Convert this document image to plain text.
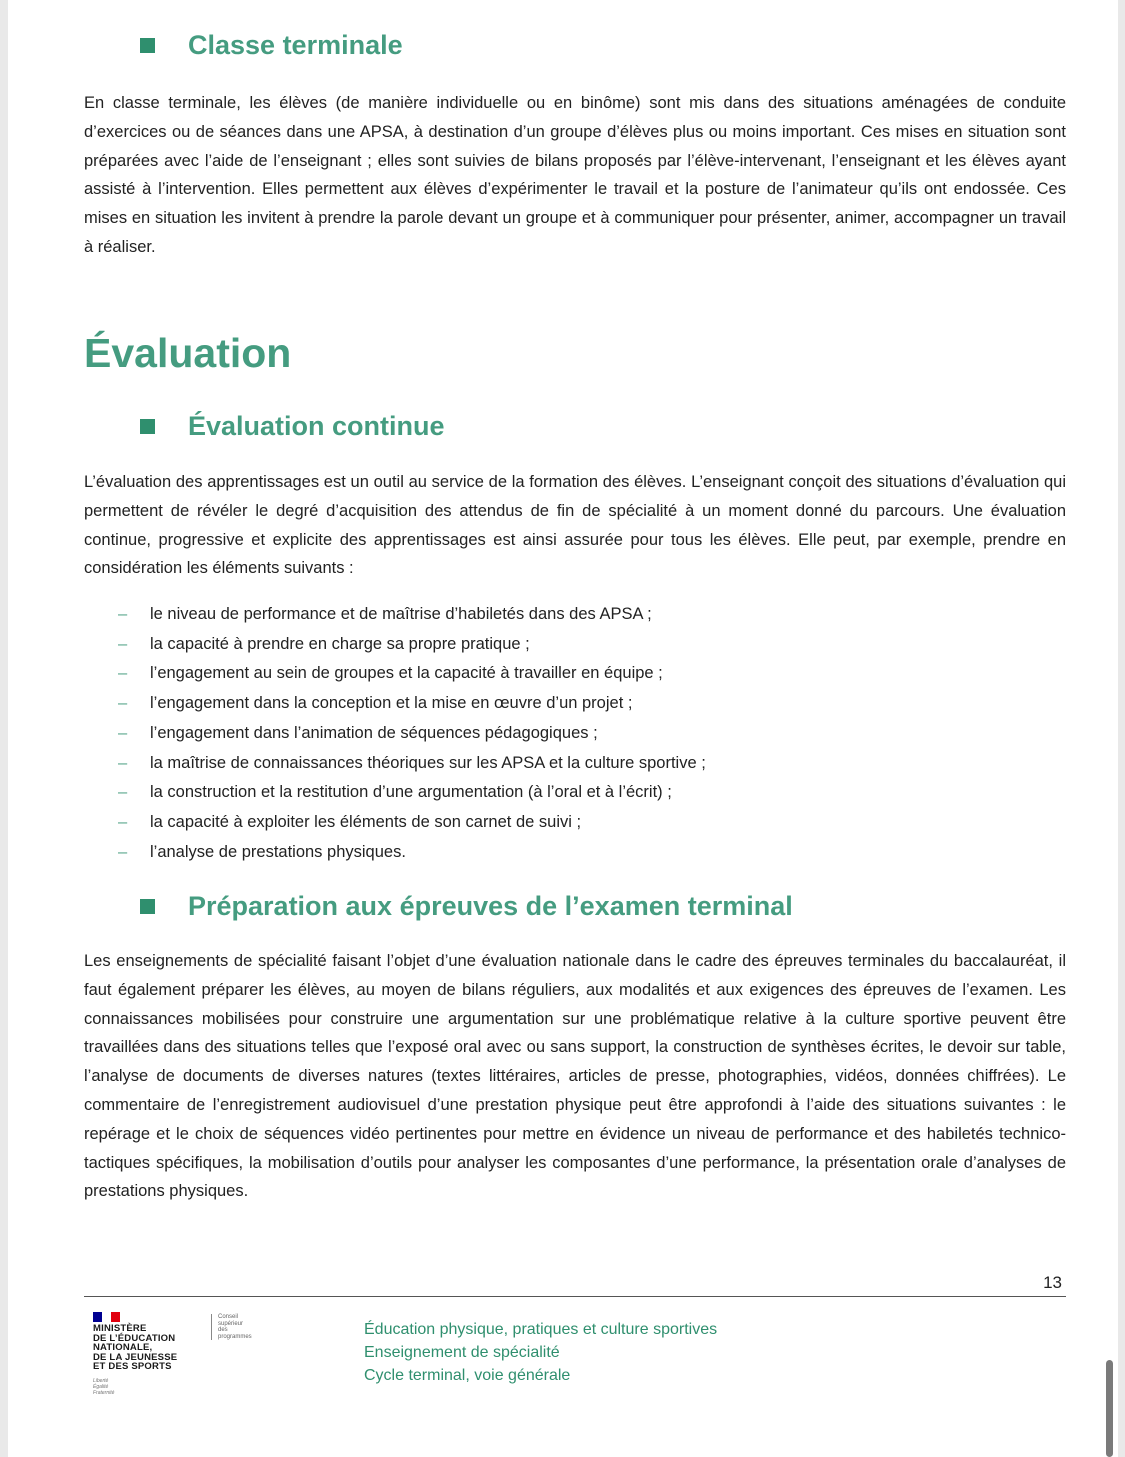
Classe terminale

En classe terminale, les élèves (de manière individuelle ou en binôme) sont mis dans des situations aménagées de conduite d’exercices ou de séances dans une APSA, à destination d’un groupe d’élèves plus ou moins important. Ces mises en situation sont préparées avec l’aide de l’enseignant ; elles sont suivies de bilans proposés par l’élève-intervenant, l’enseignant et les élèves ayant assisté à l’intervention. Elles permettent aux élèves d’expérimenter le travail et la posture de l’animateur qu’ils ont endossée. Ces mises en situation les invitent à prendre la parole devant un groupe et à communiquer pour présenter, animer, accompagner un travail à réaliser.

Évaluation
Évaluation continue

L’évaluation des apprentissages est un outil au service de la formation des élèves. L’enseignant conçoit des situations d’évaluation qui permettent de révéler le degré d’acquisition des attendus de fin de spécialité à un moment donné du parcours. Une évaluation continue, progressive et explicite des apprentissages est ainsi assurée pour tous les élèves. Elle peut, par exemple, prendre en considération les éléments suivants :

–	le niveau de performance et de maîtrise d’habiletés dans des APSA ;
–	la capacité à prendre en charge sa propre pratique ;
–	l’engagement au sein de groupes et la capacité à travailler en équipe ;
–	l’engagement dans la conception et la mise en œuvre d’un projet ;
–	l’engagement dans l’animation de séquences pédagogiques ;
–	la maîtrise de connaissances théoriques sur les APSA et la culture sportive ;
–	la construction et la restitution d’une argumentation (à l’oral et à l’écrit) ;
–	la capacité à exploiter les éléments de son carnet de suivi ;
–	l’analyse de prestations physiques.
Préparation aux épreuves de l’examen terminal

Les enseignements de spécialité faisant l’objet d’une évaluation nationale dans le cadre des épreuves terminales du baccalauréat, il faut également préparer les élèves, au moyen de bilans réguliers, aux modalités et aux exigences des épreuves de l’examen. Les connaissances mobilisées pour construire une argumentation sur une problématique relative à la culture sportive peuvent être travaillées dans des situations telles que l’exposé oral avec ou sans support, la construction de synthèses écrites, le devoir sur table, l’analyse de documents de diverses natures (textes littéraires, articles de presse, photographies, vidéos, données chiffrées). Le commentaire de l’enregistrement audiovisuel d’une prestation physique peut être approfondi à l’aide des situations suivantes : le repérage et le choix de séquences vidéo pertinentes pour mettre en évidence un niveau de performance et des habiletés technico-tactiques spécifiques, la mobilisation d’outils pour analyser les composantes d’une performance, la présentation orale d’analyses de prestations physiques.

13
MINISTÈRE
DE L’ÉDUCATION
NATIONALE,
DE LA JEUNESSE
ET DES SPORTS
Liberté
Égalité
Fraternité
Conseil supérieur
des programmes	Éducation physique, pratiques et culture sportives
Enseignement de spécialité
Cycle terminal, voie générale
